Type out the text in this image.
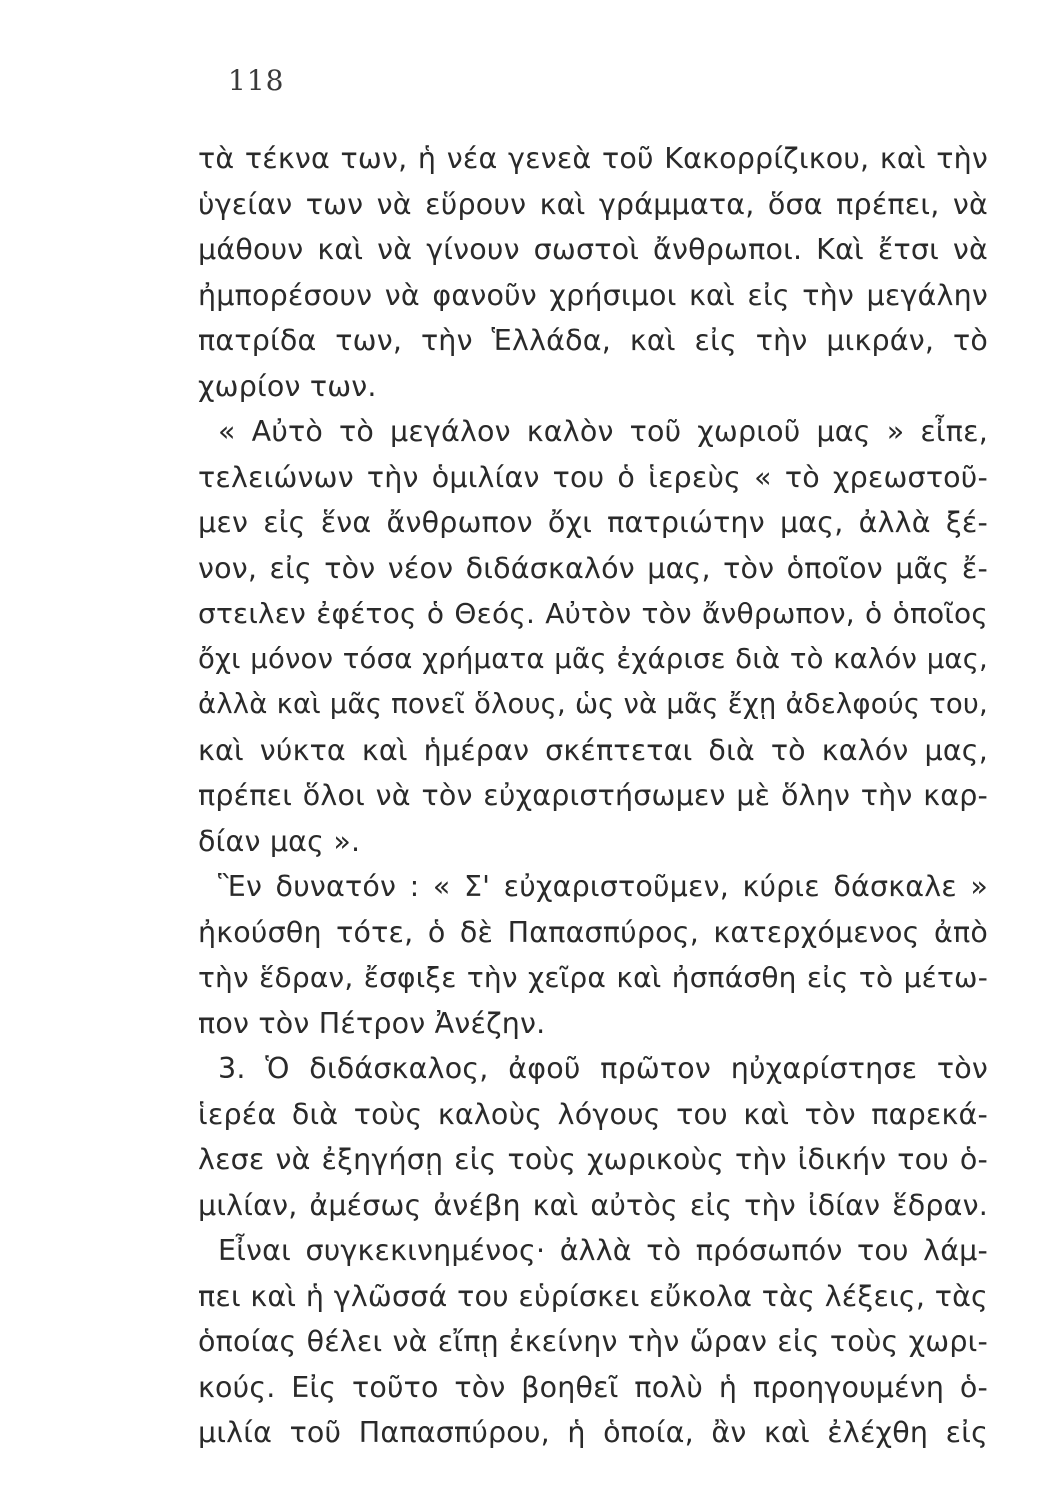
118
τὰ τέκνα των, ἡ νέα γενεὰ τοῦ Κακορρίζικου, καὶ τὴν
ὑγείαν των νὰ εὕρουν καὶ γράμματα, ὅσα πρέπει, νὰ
μάθουν καὶ νὰ γίνουν σωστοὶ ἄνθρωποι. Καὶ ἔτσι νὰ
ἠμπορέσουν νὰ φανοῦν χρήσιμοι καὶ εἰς τὴν μεγάλην
πατρίδα των, τὴν Ἑλλάδα, καὶ εἰς τὴν μικράν, τὸ
χωρίον των.
« Αὐτὸ τὸ μεγάλον καλὸν τοῦ χωριοῦ μας » εἶπε,
τελειώνων τὴν ὁμιλίαν του ὁ ἱερεὺς « τὸ χρεωστοῦ-
μεν εἰς ἕνα ἄνθρωπον ὄχι πατριώτην μας, ἀλλὰ ξέ-
νον, εἰς τὸν νέον διδάσκαλόν μας, τὸν ὁποῖον μᾶς ἔ-
στειλεν ἐφέτος ὁ Θεός. Αὐτὸν τὸν ἄνθρωπον, ὁ ὁποῖος
ὄχι μόνον τόσα χρήματα μᾶς ἐχάρισε διὰ τὸ καλόν μας,
ἀλλὰ καὶ μᾶς πονεῖ ὅλους, ὡς νὰ μᾶς ἔχῃ ἀδελφούς του,
καὶ νύκτα καὶ ἡμέραν σκέπτεται διὰ τὸ καλόν μας,
πρέπει ὅλοι νὰ τὸν εὐχαριστήσωμεν μὲ ὅλην τὴν καρ-
δίαν μας ».
Ἓν δυνατόν : « Σ' εὐχαριστοῦμεν, κύριε δάσκαλε »
ἠκούσθη τότε, ὁ δὲ Παπασπύρος, κατερχόμενος ἀπὸ
τὴν ἕδραν, ἔσφιξε τὴν χεῖρα καὶ ἠσπάσθη εἰς τὸ μέτω-
πον τὸν Πέτρον Ἀνέζην.
3. Ὁ διδάσκαλος, ἀφοῦ πρῶτον ηὐχαρίστησε τὸν
ἱερέα διὰ τοὺς καλοὺς λόγους του καὶ τὸν παρεκά-
λεσε νὰ ἐξηγήσῃ εἰς τοὺς χωρικοὺς τὴν ἰδικήν του ὁ-
μιλίαν, ἀμέσως ἀνέβη καὶ αὐτὸς εἰς τὴν ἰδίαν ἕδραν.
Εἶναι συγκεκινημένος· ἀλλὰ τὸ πρόσωπόν του λάμ-
πει καὶ ἡ γλῶσσά του εὑρίσκει εὔκολα τὰς λέξεις, τὰς
ὁποίας θέλει νὰ εἴπῃ ἐκείνην τὴν ὥραν εἰς τοὺς χωρι-
κούς. Εἰς τοῦτο τὸν βοηθεῖ πολὺ ἡ προηγουμένη ὁ-
μιλία τοῦ Παπασπύρου, ἡ ὁποία, ἂν καὶ ἐλέχθη εἰς
